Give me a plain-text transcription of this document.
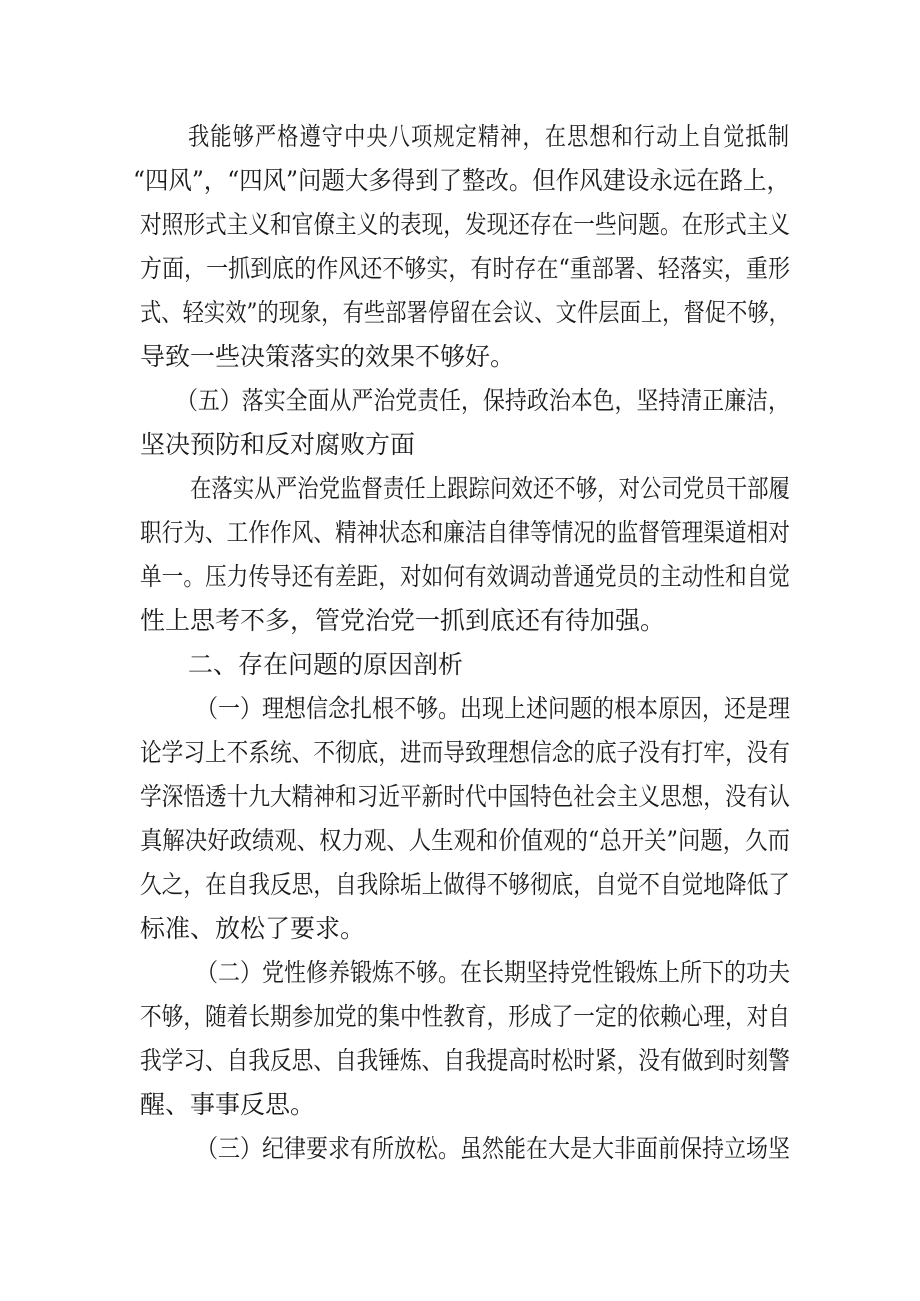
我能够严格遵守中央八项规定精神，在思想和行动上自觉抵制
“四风”，“四风”问题大多得到了整改。但作风建设永远在路上，
对照形式主义和官僚主义的表现，发现还存在一些问题。在形式主义
方面，一抓到底的作风还不够实，有时存在“重部署、轻落实，重形
式、轻实效”的现象，有些部署停留在会议、文件层面上，督促不够，
导致一些决策落实的效果不够好。
（五）落实全面从严治党责任，保持政治本色，坚持清正廉洁，
坚决预防和反对腐败方面
在落实从严治党监督责任上跟踪问效还不够，对公司党员干部履
职行为、工作作风、精神状态和廉洁自律等情况的监督管理渠道相对
单一。压力传导还有差距，对如何有效调动普通党员的主动性和自觉
性上思考不多，管党治党一抓到底还有待加强。
二、存在问题的原因剖析
（一）理想信念扎根不够。出现上述问题的根本原因，还是理
论学习上不系统、不彻底，进而导致理想信念的底子没有打牢，没有
学深悟透十九大精神和习近平新时代中国特色社会主义思想，没有认
真解决好政绩观、权力观、人生观和价值观的“总开关”问题，久而
久之，在自我反思，自我除垢上做得不够彻底，自觉不自觉地降低了
标准、放松了要求。
（二）党性修养锻炼不够。在长期坚持党性锻炼上所下的功夫
不够，随着长期参加党的集中性教育，形成了一定的依赖心理，对自
我学习、自我反思、自我锤炼、自我提高时松时紧，没有做到时刻警
醒、事事反思。
（三）纪律要求有所放松。虽然能在大是大非面前保持立场坚
